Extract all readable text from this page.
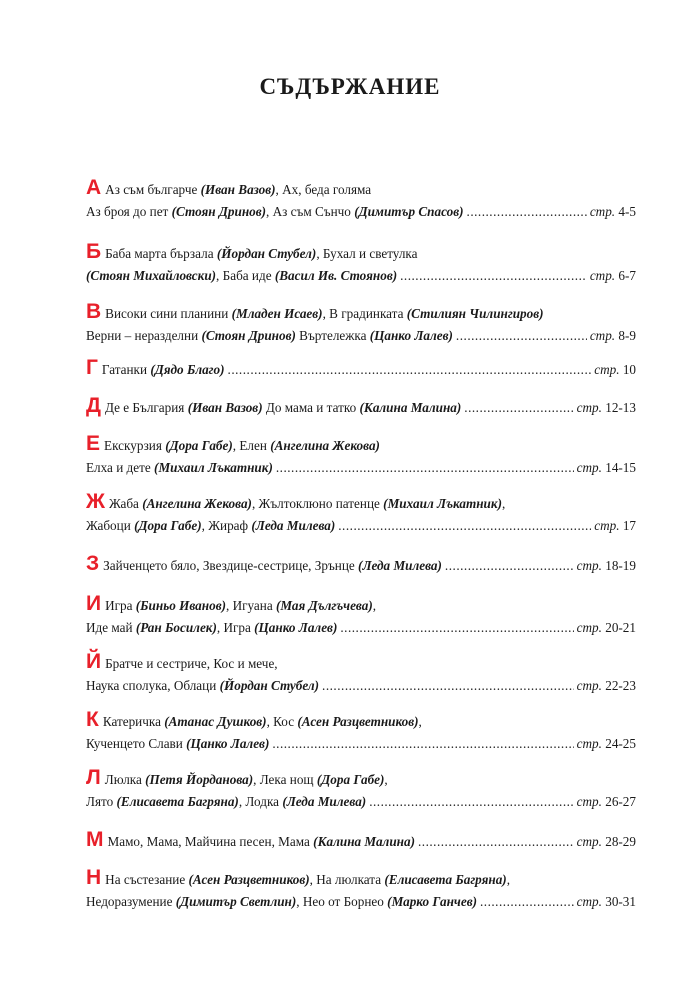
СЪДЪРЖАНИЕ
А Аз съм българче (Иван Вазов), Ах, беда голяма
Аз броя до пет (Стоян Дринов), Аз съм Сънчо (Димитър Спасов) .....	стр. 4-5
Б Баба марта бързала (Йордан Стубел), Бухал и светулка
(Стоян Михайловски), Баба иде (Васил Ив. Стоянов) .....	стр. 6-7
В Високи сини планини (Младен Исаев), В градинката (Стилиян Чилингиров)
Верни – неразделни (Стоян Дринов) Въртележка (Цанко Лалев) .....	стр. 8-9
Г Гатанки (Дядо Благо) .....	стр. 10
Д Де е България (Иван Вазов) До мама и татко (Калина Малина) .....	стр. 12-13
Е Екскурзия (Дора Габе), Елен (Ангелина Жекова)
Елха и дете (Михаил Лъкатник) .....	стр. 14-15
Ж Жаба (Ангелина Жекова), Жълтоклюно патенце (Михаил Лъкатник),
Жабоци (Дора Габе), Жираф (Леда Милева) .....	стр. 17
З Зайченцето бяло, Звездице-сестрице, Зрънце (Леда Милева) .....	стр. 18-19
И Игра (Биньо Иванов), Игуана (Мая Дългъчева),
Иде май (Ран Босилек), Игра (Цанко Лалев) .....	стр. 20-21
Й Братче и сестриче, Кос и мече,
Наука сполука, Облаци (Йордан Стубел) .....	стр. 22-23
К Катеричка (Атанас Душков), Кос (Асен Разцветников),
Кученцето Слави (Цанко Лалев) .....	стр. 24-25
Л Люлка (Петя Йорданова), Лека нощ (Дора Габе),
Лято (Елисавета Багряна), Лодка (Леда Милева) .....	стр. 26-27
М Мамо, Мама, Майчина песен, Мама (Калина Малина) .....	стр. 28-29
Н На състезание (Асен Разцветников), На люлката (Елисавета Багряна),
Недоразумение (Димитър Светлин), Нео от Борнео (Марко Ганчев) .....	стр. 30-31
